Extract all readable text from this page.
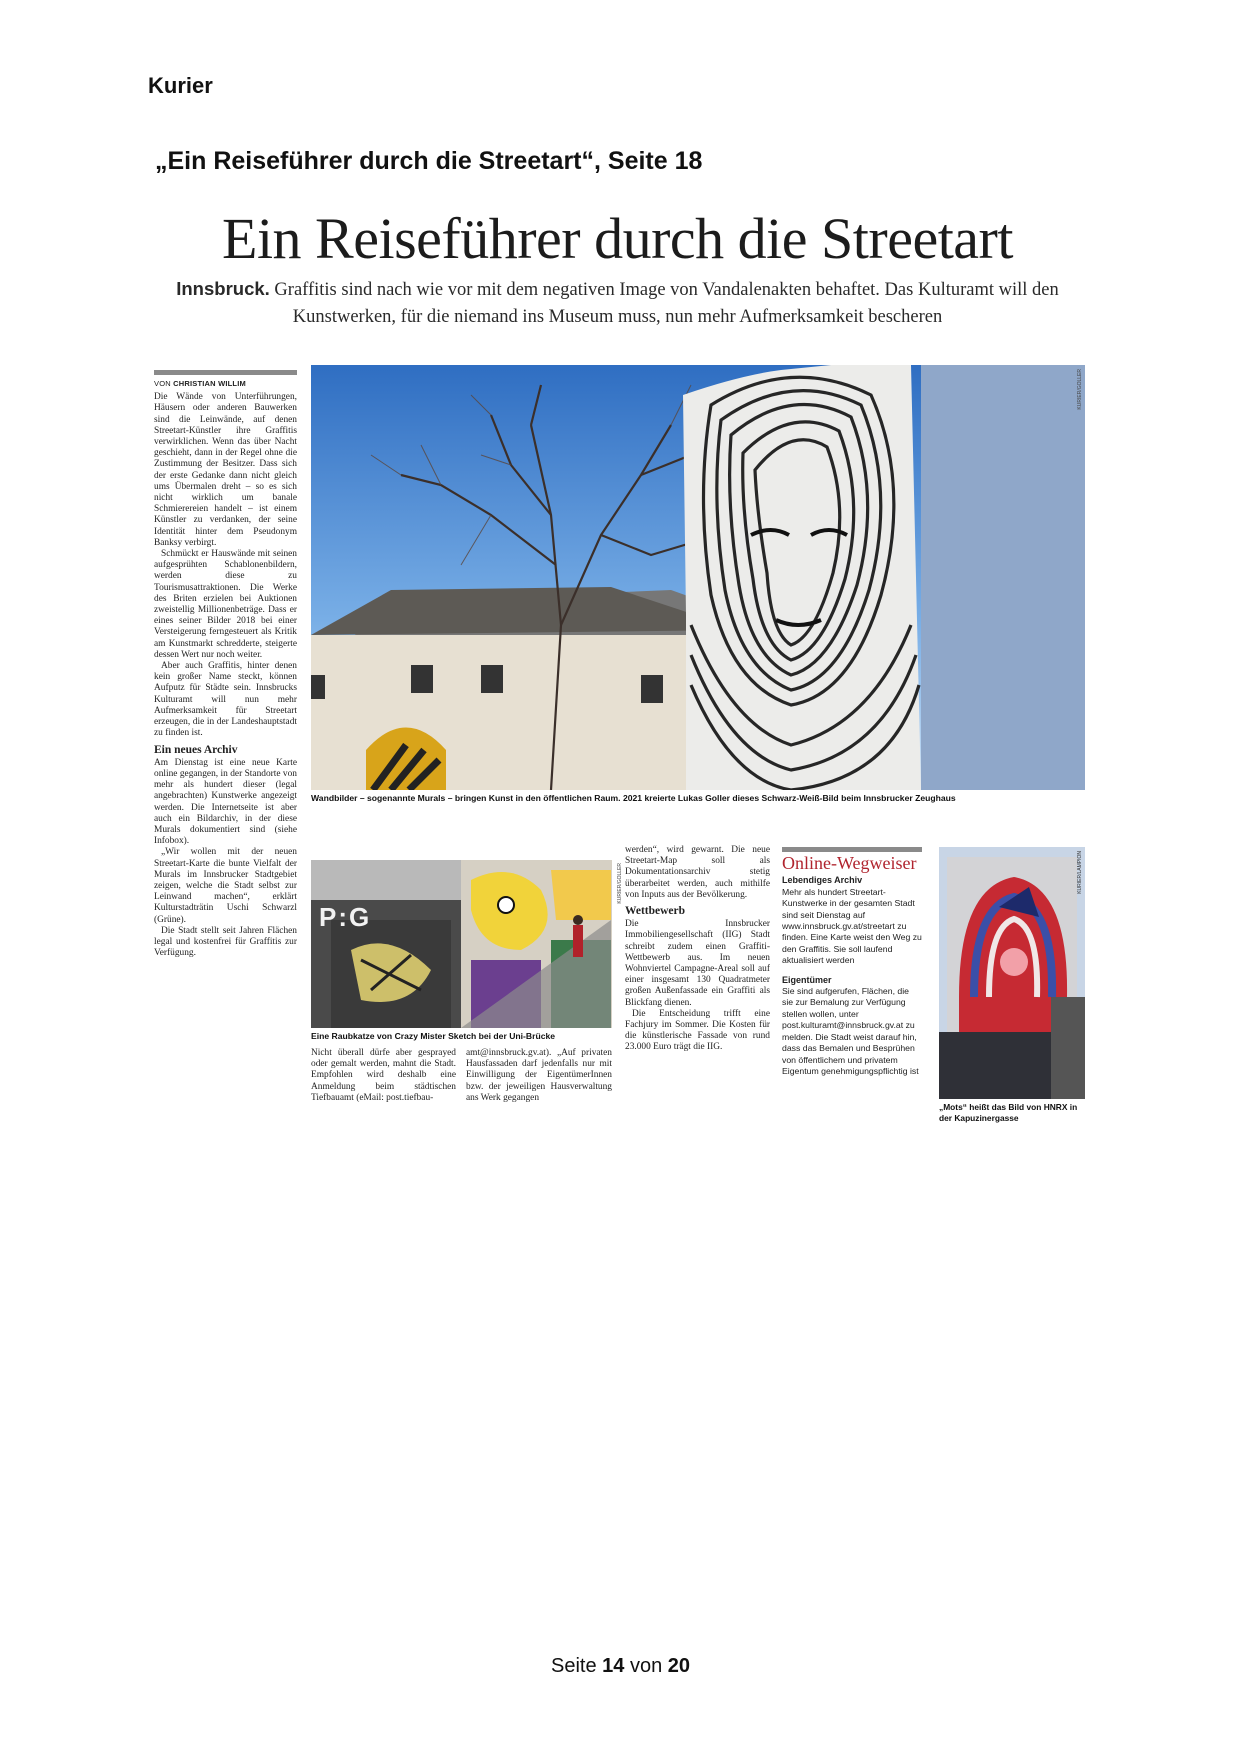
Kurier
„Ein Reiseführer durch die Streetart“, Seite 18
Ein Reiseführer durch die Streetart
Innsbruck. Graffitis sind nach wie vor mit dem negativen Image von Vandalenakten behaftet. Das Kulturamt will den Kunstwerken, für die niemand ins Museum muss, nun mehr Aufmerksamkeit bescheren
VON CHRISTIAN WILLIM

Die Wände von Unterführungen, Häusern oder anderen Bauwerken sind die Leinwände, auf denen Streetart-Künstler ihre Graffitis verwirklichen. Wenn das über Nacht geschieht, dann in der Regel ohne die Zustimmung der Besitzer. Dass sich der erste Gedanke dann nicht gleich ums Übermalen dreht – so es sich nicht wirklich um banale Schmierereien handelt – ist einem Künstler zu verdanken, der seine Identität hinter dem Pseudonym Banksy verbirgt.

Schmückt er Hauswände mit seinen aufgesprühten Schablonenbildern, werden diese zu Tourismusattraktionen. Die Werke des Briten erzielen bei Auktionen zweistellig Millionenbeträge. Dass er eines seiner Bilder 2018 bei einer Versteigerung ferngesteuert als Kritik am Kunstmarkt schredderte, steigerte dessen Wert nur noch weiter.

Aber auch Graffitis, hinter denen kein großer Name steckt, können Aufputz für Städte sein. Innsbrucks Kulturamt will nun mehr Aufmerksamkeit für Streetart erzeugen, die in der Landeshauptstadt zu finden ist.

Ein neues Archiv

Am Dienstag ist eine neue Karte online gegangen, in der Standorte von mehr als hundert dieser (legal angebrachten) Kunstwerke angezeigt werden. Die Internetseite ist aber auch ein Bildarchiv, in der diese Murals dokumentiert sind (siehe Infobox).

„Wir wollen mit der neuen Streetart-Karte die bunte Vielfalt der Murals im Innsbrucker Stadtgebiet zeigen, welche die Stadt selbst zur Leinwand machen“, erklärt Kulturstadträtin Uschi Schwarzl (Grüne).

Die Stadt stellt seit Jahren Flächen legal und kostenfrei für Graffitis zur Verfügung.

KURIER/GOLLER
Wandbilder – sogenannte Murals – bringen Kunst in den öffentlichen Raum. 2021 kreierte Lukas Goller dieses Schwarz-Weiß-Bild beim Innsbrucker Zeughaus
P:G
KURIER/GOLLER
Eine Raubkatze von Crazy Mister Sketch bei der Uni-Brücke

Nicht überall dürfe aber gesprayed oder gemalt werden, mahnt die Stadt. Empfohlen wird deshalb eine Anmeldung beim städtischen Tiefbauamt (eMail: post.tiefbau-

amt@innsbruck.gv.at). „Auf privaten Hausfassaden darf jedenfalls nur mit Einwilligung der EigentümerInnen bzw. der jeweiligen Hausverwaltung ans Werk gegangen

werden“, wird gewarnt. Die neue Streetart-Map soll als Dokumentationsarchiv stetig überarbeitet werden, auch mithilfe von Inputs aus der Bevölkerung.

Wettbewerb

Die Innsbrucker Immobiliengesellschaft (IIG) Stadt schreibt zudem einen Graffiti-Wettbewerb aus. Im neuen Wohnviertel Campagne-Areal soll auf einer insgesamt 130 Quadratmeter großen Außenfassade ein Graffiti als Blickfang dienen.

Die Entscheidung trifft eine Fachjury im Sommer. Die Kosten für die künstlerische Fassade von rund 23.000 Euro trägt die IIG.

Online-Wegweiser
Lebendiges Archiv

Mehr als hundert Streetart-Kunstwerke in der gesamten Stadt sind seit Dienstag auf www.innsbruck.gv.at/streetart zu finden. Eine Karte weist den Weg zu den Graffitis. Sie soll laufend aktualisiert werden

Eigentümer

Sie sind aufgerufen, Flächen, die sie zur Bemalung zur Verfügung stellen wollen, unter post.kulturamt@innsbruck.gv.at zu melden. Die Stadt weist darauf hin, dass das Bemalen und Besprühen von öffentlichem und privatem Eigentum genehmigungspflichtig ist

KURIER/LAMPION
„Mots“ heißt das Bild von HNRX in der Kapuzinergasse
Seite 14 von 20
